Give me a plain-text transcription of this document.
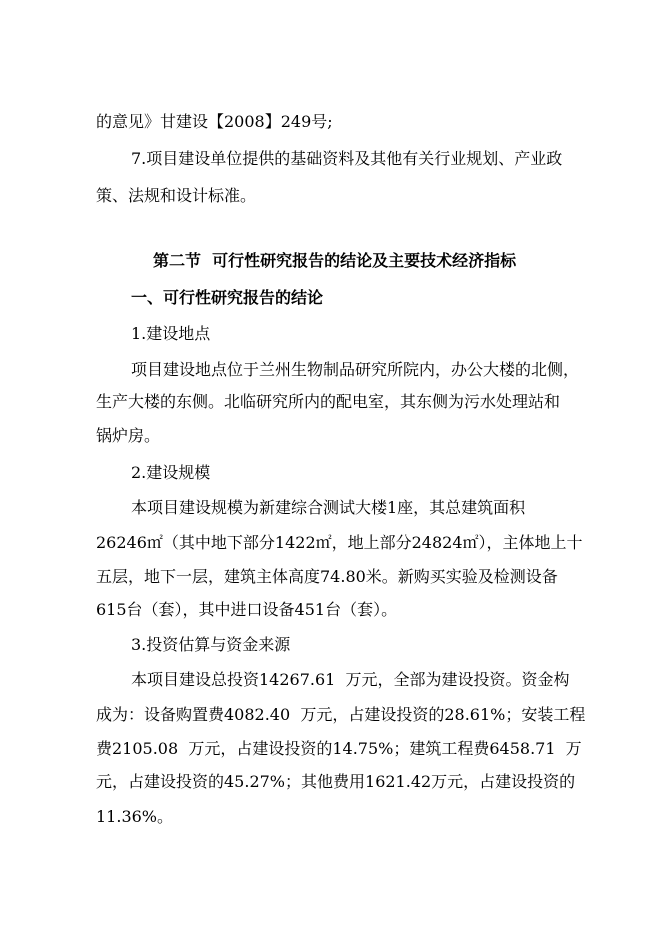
的意见》甘建设【2008】249号;
7.项目建设单位提供的基础资料及其他有关行业规划、产业政
策、法规和设计标准。
第二节  可行性研究报告的结论及主要技术经济指标
一、可行性研究报告的结论
1.建设地点
项目建设地点位于兰州生物制品研究所院内，办公大楼的北侧，
生产大楼的东侧。北临研究所内的配电室，其东侧为污水处理站和
锅炉房。
2.建设规模
本项目建设规模为新建综合测试大楼1座，其总建筑面积
26246㎡（其中地下部分1422㎡，地上部分24824㎡），主体地上十
五层，地下一层，建筑主体高度74.80米。新购买实验及检测设备
615台（套），其中进口设备451台（套）。
3.投资估算与资金来源
本项目建设总投资14267.61  万元，全部为建设投资。资金构
成为：设备购置费4082.40  万元，占建设投资的28.61%；安装工程
费2105.08  万元，占建设投资的14.75%；建筑工程费6458.71  万
元，占建设投资的45.27%；其他费用1621.42万元，占建设投资的
11.36%。
